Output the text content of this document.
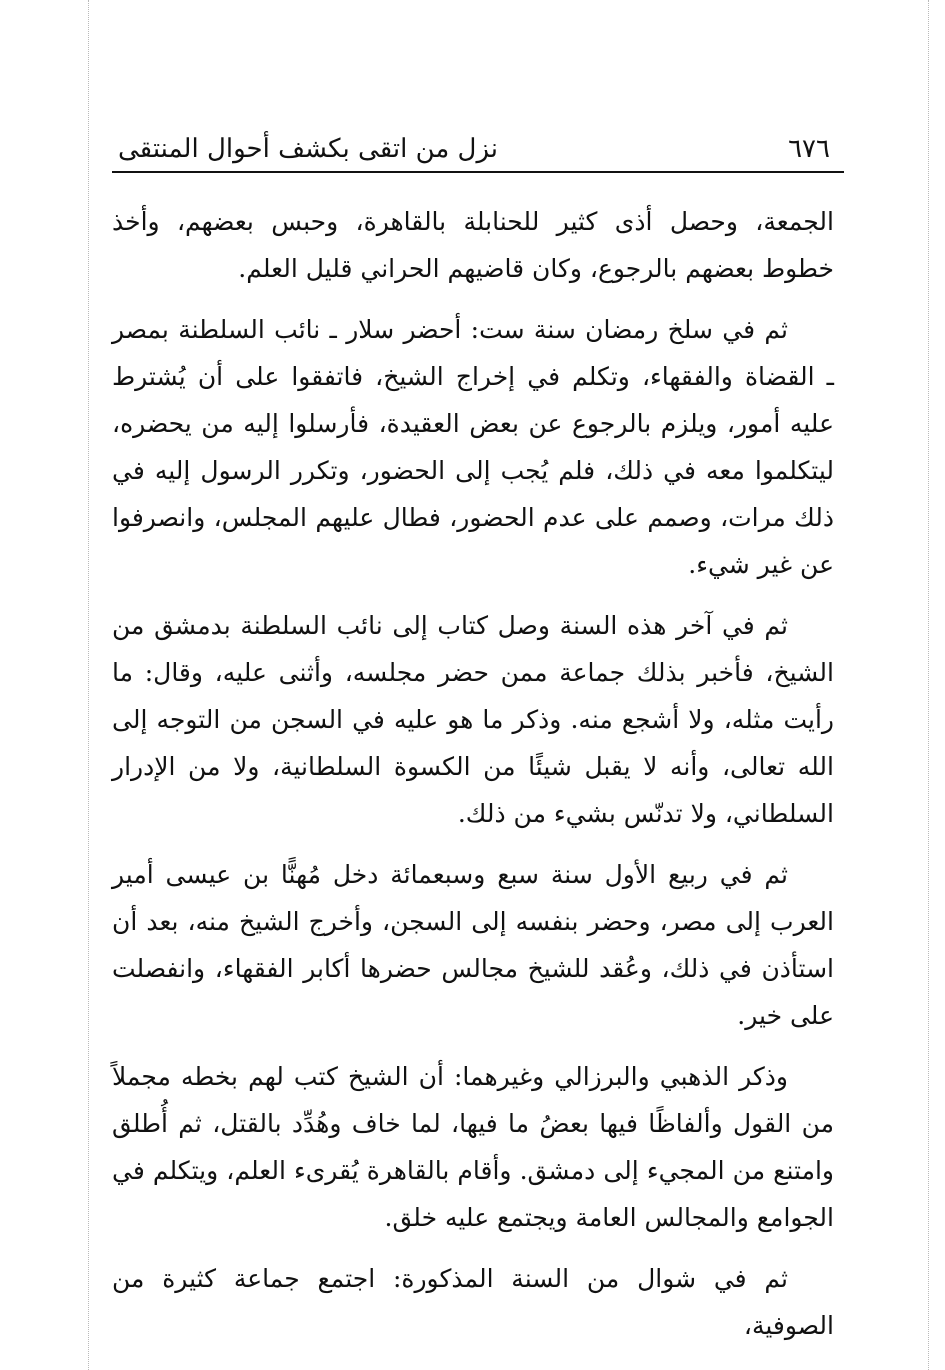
٦٧٦
نزل من اتقى بكشف أحوال المنتقى

الجمعة، وحصل أذى كثير للحنابلة بالقاهرة، وحبس بعضهم، وأخذ خطوط بعضهم بالرجوع، وكان قاضيهم الحراني قليل العلم.

ثم في سلخ رمضان سنة ست: أحضر سلار ـ نائب السلطنة بمصر ـ القضاة والفقهاء، وتكلم في إخراج الشيخ، فاتفقوا على أن يُشترط عليه أمور، ويلزم بالرجوع عن بعض العقيدة، فأرسلوا إليه من يحضره، ليتكلموا معه في ذلك، فلم يُجب إلى الحضور، وتكرر الرسول إليه في ذلك مرات، وصمم على عدم الحضور، فطال عليهم المجلس، وانصرفوا عن غير شيء.

ثم في آخر هذه السنة وصل كتاب إلى نائب السلطنة بدمشق من الشيخ، فأخبر بذلك جماعة ممن حضر مجلسه، وأثنى عليه، وقال: ما رأيت مثله، ولا أشجع منه. وذكر ما هو عليه في السجن من التوجه إلى الله تعالى، وأنه لا يقبل شيئًا من الكسوة السلطانية، ولا من الإدرار السلطاني، ولا تدنّس بشيء من ذلك.

ثم في ربيع الأول سنة سبع وسبعمائة دخل مُهنًّا بن عيسى أمير العرب إلى مصر، وحضر بنفسه إلى السجن، وأخرج الشيخ منه، بعد أن استأذن في ذلك، وعُقد للشيخ مجالس حضرها أكابر الفقهاء، وانفصلت على خير.

وذكر الذهبي والبرزالي وغيرهما: أن الشيخ كتب لهم بخطه مجملاً من القول وألفاظًا فيها بعضُ ما فيها، لما خاف وهُدِّد بالقتل، ثم أُطلق وامتنع من المجيء إلى دمشق. وأقام بالقاهرة يُقرىء العلم، ويتكلم في الجوامع والمجالس العامة ويجتمع عليه خلق.

ثم في شوال من السنة المذكورة: اجتمع جماعة كثيرة من الصوفية،
